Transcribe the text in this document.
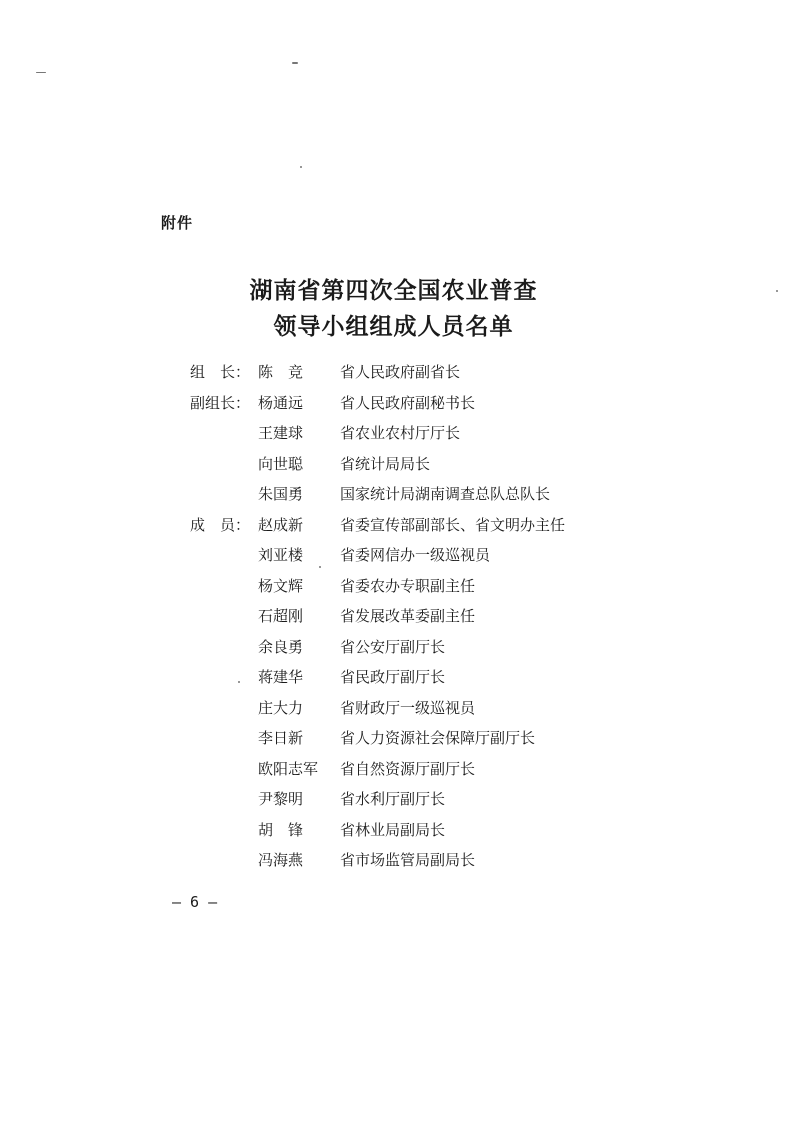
附件
湖南省第四次全国农业普查
领导小组组成人员名单
组　长： 陈　竞	省人民政府副省长
副组长： 杨通远	省人民政府副秘书长
王建球	省农业农村厅厅长
向世聪	省统计局局长
朱国勇	国家统计局湖南调查总队总队长
成　员： 赵成新	省委宣传部副部长、省文明办主任
刘亚楼	省委网信办一级巡视员
杨文辉	省委农办专职副主任
石超刚	省发展改革委副主任
余良勇	省公安厅副厅长
蒋建华	省民政厅副厅长
庄大力	省财政厅一级巡视员
李日新	省人力资源社会保障厅副厅长
欧阳志军	省自然资源厅副厅长
尹黎明	省水利厅副厅长
胡　锋	省林业局副局长
冯海燕	省市场监管局副局长
— 6 —
